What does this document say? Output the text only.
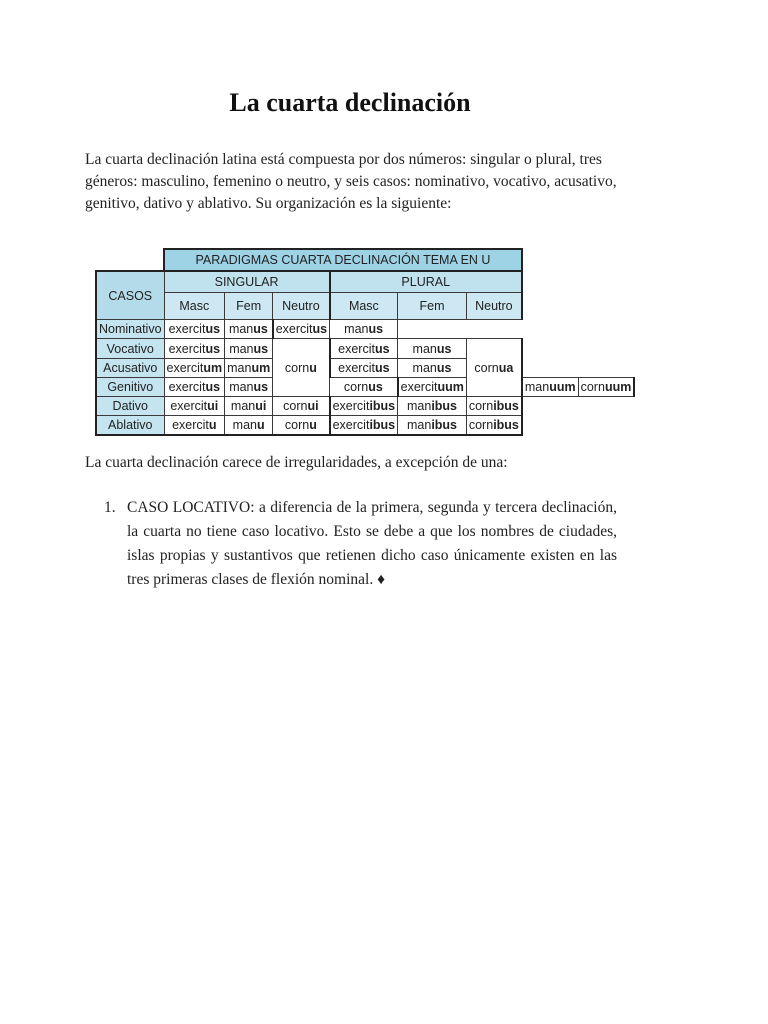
La cuarta declinación
La cuarta declinación latina está compuesta por dos números: singular o plural, tres géneros: masculino, femenino o neutro, y seis casos: nominativo, vocativo, acusativo, genitivo, dativo y ablativo. Su organización es la siguiente:
	PARADIGMAS CUARTA DECLINACIÓN TEMA EN U							
CASOS	SINGULAR			PLURAL				
	Masc	Fem	Neutro	Masc	Fem	Neutro		
Nominativo	exercitus	manus	exercitus	manus				
Vocativo	exercitus	manus	cornu	exercitus	manus	cornua		
Acusativo	exercitum	manum		exercitus	manus			
Genitivo	exercitus	manus		cornus	exercituum		manuum	cornuum
Dativo	exercitui	manui	cornui	exercitibus	manibus	cornibus		
Ablativo	exercitu	manu	cornu	exercitibus	manibus	cornibus		
La cuarta declinación carece de irregularidades, a excepción de una:
1. CASO LOCATIVO: a diferencia de la primera, segunda y tercera declinación, la cuarta no tiene caso locativo. Esto se debe a que los nombres de ciudades, islas propias y sustantivos que retienen dicho caso únicamente existen en las tres primeras clases de flexión nominal. ♦
